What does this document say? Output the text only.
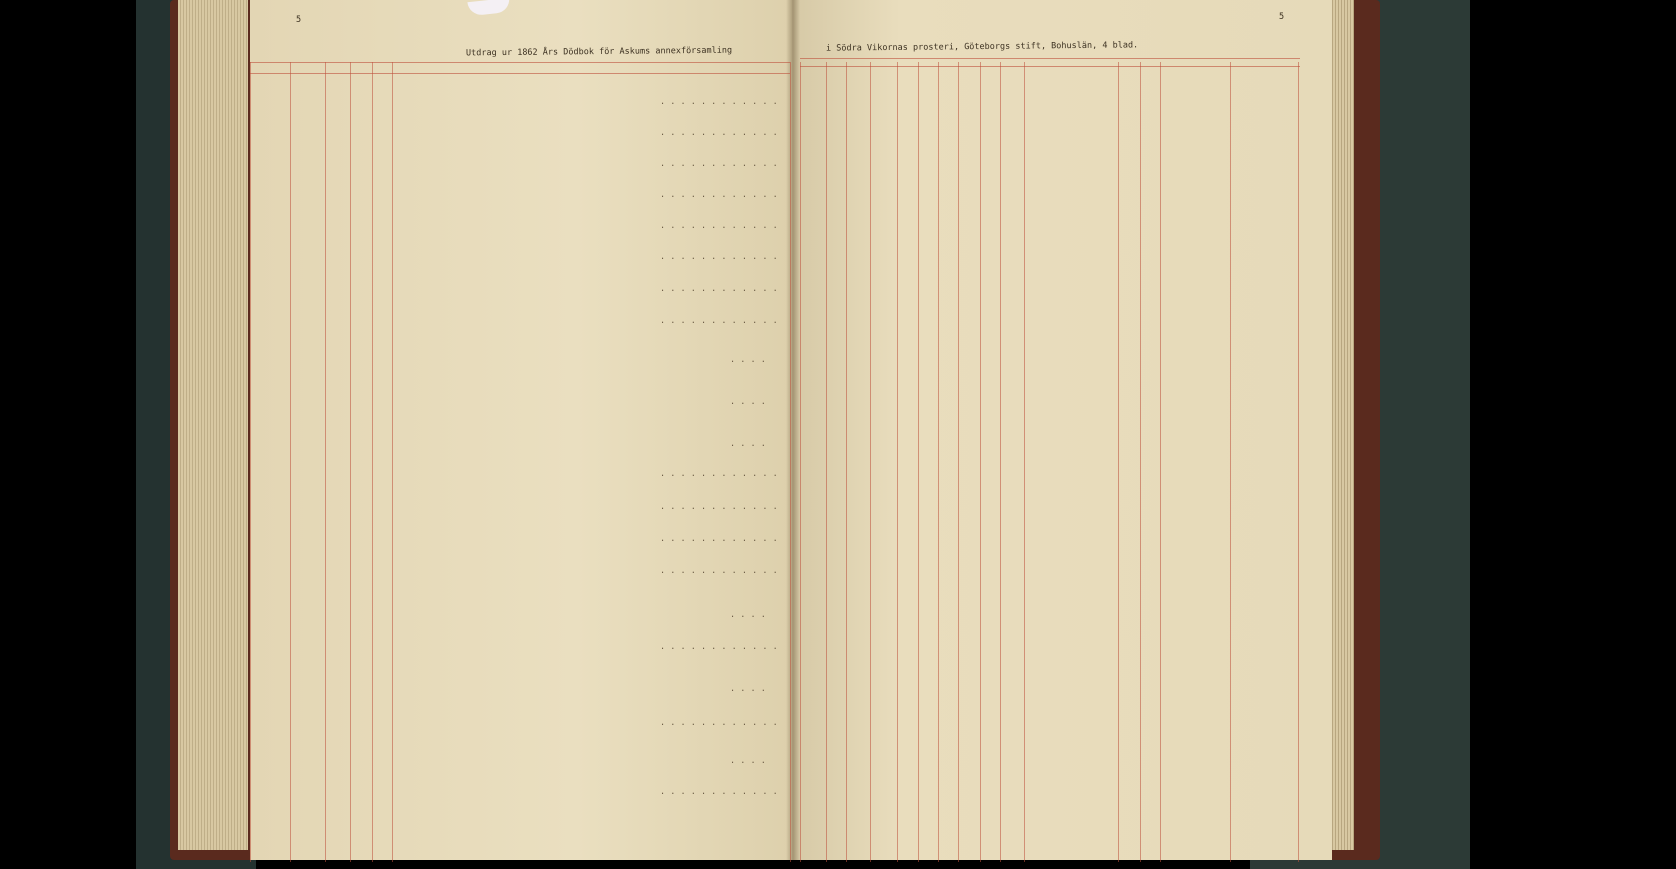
5	5
Utdrag ur 1862 Års Dödbok för Askums annexförsamling	i Södra Vikornas prosteri, Göteborgs stift, Bohuslän, 4 blad.
. . . . . . . . . . . .
. . . . . . . . . . . .
. . . . . . . . . . . .
. . . . . . . . . . . .
. . . . . . . . . . . .
. . . . . . . . . . . .
. . . . . . . . . . . .
. . . . . . . . . . . .
. . . .
. . . .
. . . .
. . . . . . . . . . . .
. . . . . . . . . . . .
. . . . . . . . . . . .
. . . . . . . . . . . .
. . . .
. . . . . . . . . . . .
. . . .
. . . . . . . . . . . .
. . . .
. . . . . . . . . . . .
